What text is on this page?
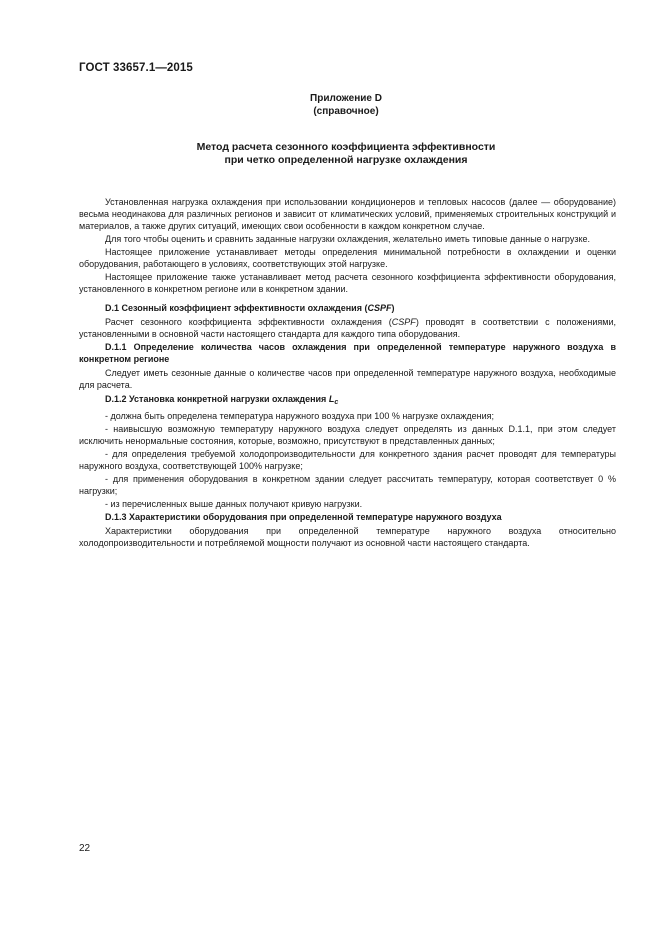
ГОСТ 33657.1—2015
Приложение D
(справочное)
Метод расчета сезонного коэффициента эффективности
при четко определенной нагрузке охлаждения

Установленная нагрузка охлаждения при использовании кондиционеров и тепловых насосов (далее — оборудование) весьма неодинакова для различных регионов и зависит от климатических условий, применяемых строительных конструкций и материалов, а также других ситуаций, имеющих свои особенности в каждом конкретном случае.

Для того чтобы оценить и сравнить заданные нагрузки охлаждения, желательно иметь типовые данные о нагрузке.

Настоящее приложение устанавливает методы определения минимальной потребности в охлаждении и оценки оборудования, работающего в условиях, соответствующих этой нагрузке.

Настоящее приложение также устанавливает метод расчета сезонного коэффициента эффективности оборудования, установленного в конкретном регионе или в конкретном здании.

D.1 Сезонный коэффициент эффективности охлаждения (CSPF)

Расчет сезонного коэффициента эффективности охлаждения (CSPF) проводят в соответствии с положениями, установленными в основной части настоящего стандарта для каждого типа оборудования.

D.1.1 Определение количества часов охлаждения при определенной температуре наружного воздуха в конкретном регионе

Следует иметь сезонные данные о количестве часов при определенной температуре наружного воздуха, необходимые для расчета.

D.1.2 Установка конкретной нагрузки охлаждения $L_c$

- должна быть определена температура наружного воздуха при 100 % нагрузке охлаждения;

- наивысшую возможную температуру наружного воздуха следует определять из данных D.1.1, при этом следует исключить ненормальные состояния, которые, возможно, присутствуют в представленных данных;

- для определения требуемой холодопроизводительности для конкретного здания расчет проводят для температуры наружного воздуха, соответствующей 100% нагрузке;

- для применения оборудования в конкретном здании следует рассчитать температуру, которая соответствует 0 % нагрузки;

- из перечисленных выше данных получают кривую нагрузки.

D.1.3 Характеристики оборудования при определенной температуре наружного воздуха

Характеристики оборудования при определенной температуре наружного воздуха относительно холодопроизводительности и потребляемой мощности получают из основной части настоящего стандарта.

22
